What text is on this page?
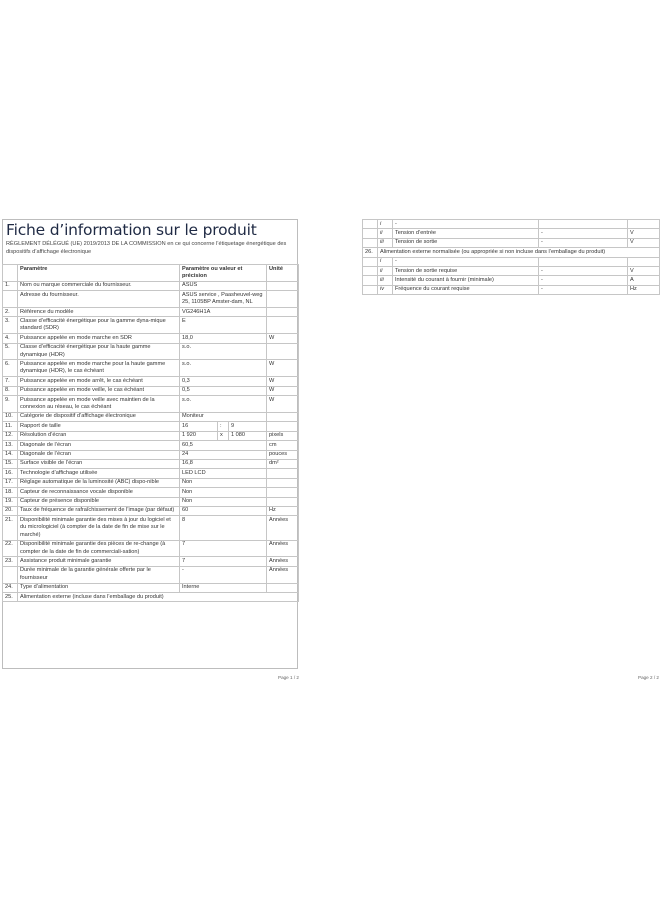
Fiche d’information sur le produit
RÈGLEMENT DÉLÉGUÉ (UE) 2019/2013 DE LA COMMISSION en ce qui concerne l’étiquetage énergétique des dispositifs d’affichage électronique
	Paramètre	Paramètre ou valeur et précision			Unité
1.	Nom ou marque commerciale du fournisseur.	ASUS			
	Adresse du fournisseur.	ASUS service , Paasheuvel-weg 25, 1105BP Amster-dam, NL			
2.	Référence du modèle	VG246H1A			
3.	Classe d’efficacité énergétique pour la gamme dyna-mique standard (SDR)	E			
4.	Puissance appelée en mode marche en SDR	18,0			W
5.	Classe d’efficacité énergétique pour la haute gamme dynamique (HDR)	s.o.			
6.	Puissance appelée en mode marche pour la haute gamme dynamique (HDR), le cas échéant	s.o.			W
7.	Puissance appelée en mode arrêt, le cas échéant	0,3			W
8.	Puissance appelée en mode veille, le cas échéant	0,5			W
9.	Puissance appelée en mode veille avec maintien de la connexion au réseau, le cas échéant	s.o.			W
10.	Catégorie de dispositif d’affichage électronique	Moniteur			
11.	Rapport de taille	16	:	9	
12.	Résolution d’écran	1 920	x	1 080	pixels
13.	Diagonale de l’écran	60,5			cm
14.	Diagonale de l’écran	24			pouces
15.	Surface visible de l’écran	16,8			dm²
16.	Technologie d’affichage utilisée	LED LCD			
17.	Réglage automatique de la luminosité (ABC) dispo-nible	Non			
18.	Capteur de reconnaissance vocale disponible	Non			
19.	Capteur de présence disponible	Non			
20.	Taux de fréquence de rafraîchissement de l’image (par défaut)	60			Hz
21.	Disponibilité minimale garantie des mises à jour du logiciel et du micrologiciel (à compter de la date de fin de mise sur le marché)	8			Années
22.	Disponibilité minimale garantie des pièces de re-change (à compter de la date de fin de commerciali-sation)	7			Années
23.	Assistance produit minimale garantie	7			Années
	Durée minimale de la garantie générale offerte par le fournisseur	-			Années
24.	Type d’alimentation	Interne			
25.	Alimentation externe (incluse dans l’emballage du produit)				
Page 1 / 2
	i	-		
	ii	Tension d’entrée	-	V
	iii	Tension de sortie	-	V
26.	Alimentation externe normalisée (ou appropriée si non incluse dans l’emballage du produit)			
	i	-		
	ii	Tension de sortie requise	-	V
	iii	Intensité du courant à fournir (minimale)	-	A
	iv	Fréquence du courant requise	-	Hz
Page 2 / 2
